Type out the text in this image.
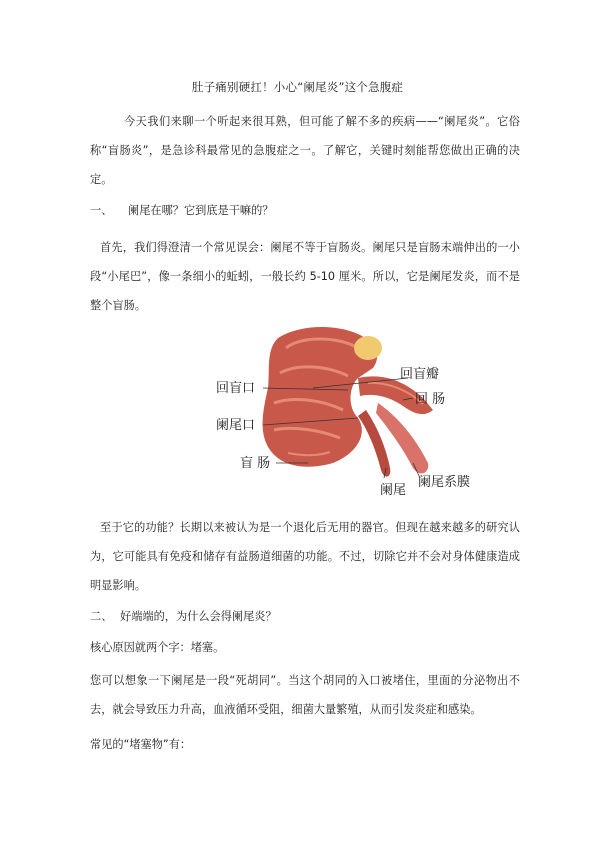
肚子痛别硬扛！小心“阑尾炎”这个急腹症

今天我们来聊一个听起来很耳熟，但可能了解不多的疾病——“阑尾炎”。它俗称“盲肠炎”，是急诊科最常见的急腹症之一。了解它，关键时刻能帮您做出正确的决定。

一、 阑尾在哪？它到底是干嘛的？

首先，我们得澄清一个常见误会：阑尾不等于盲肠炎。阑尾只是盲肠末端伸出的一小段“小尾巴”，像一条细小的蚯蚓，一般长约 5-10 厘米。所以，它是阑尾发炎，而不是整个盲肠。

回盲瓣
回盲口
回 肠
阑尾口
盲 肠
阑尾
阑尾系膜

至于它的功能？长期以来被认为是一个退化后无用的器官。但现在越来越多的研究认为，它可能具有免疫和储存有益肠道细菌的功能。不过，切除它并不会对身体健康造成明显影响。

二、 好端端的，为什么会得阑尾炎？
核心原因就两个字：堵塞。

您可以想象一下阑尾是一段“死胡同”。当这个胡同的入口被堵住，里面的分泌物出不去，就会导致压力升高，血液循环受阻，细菌大量繁殖，从而引发炎症和感染。

常见的“堵塞物”有：
